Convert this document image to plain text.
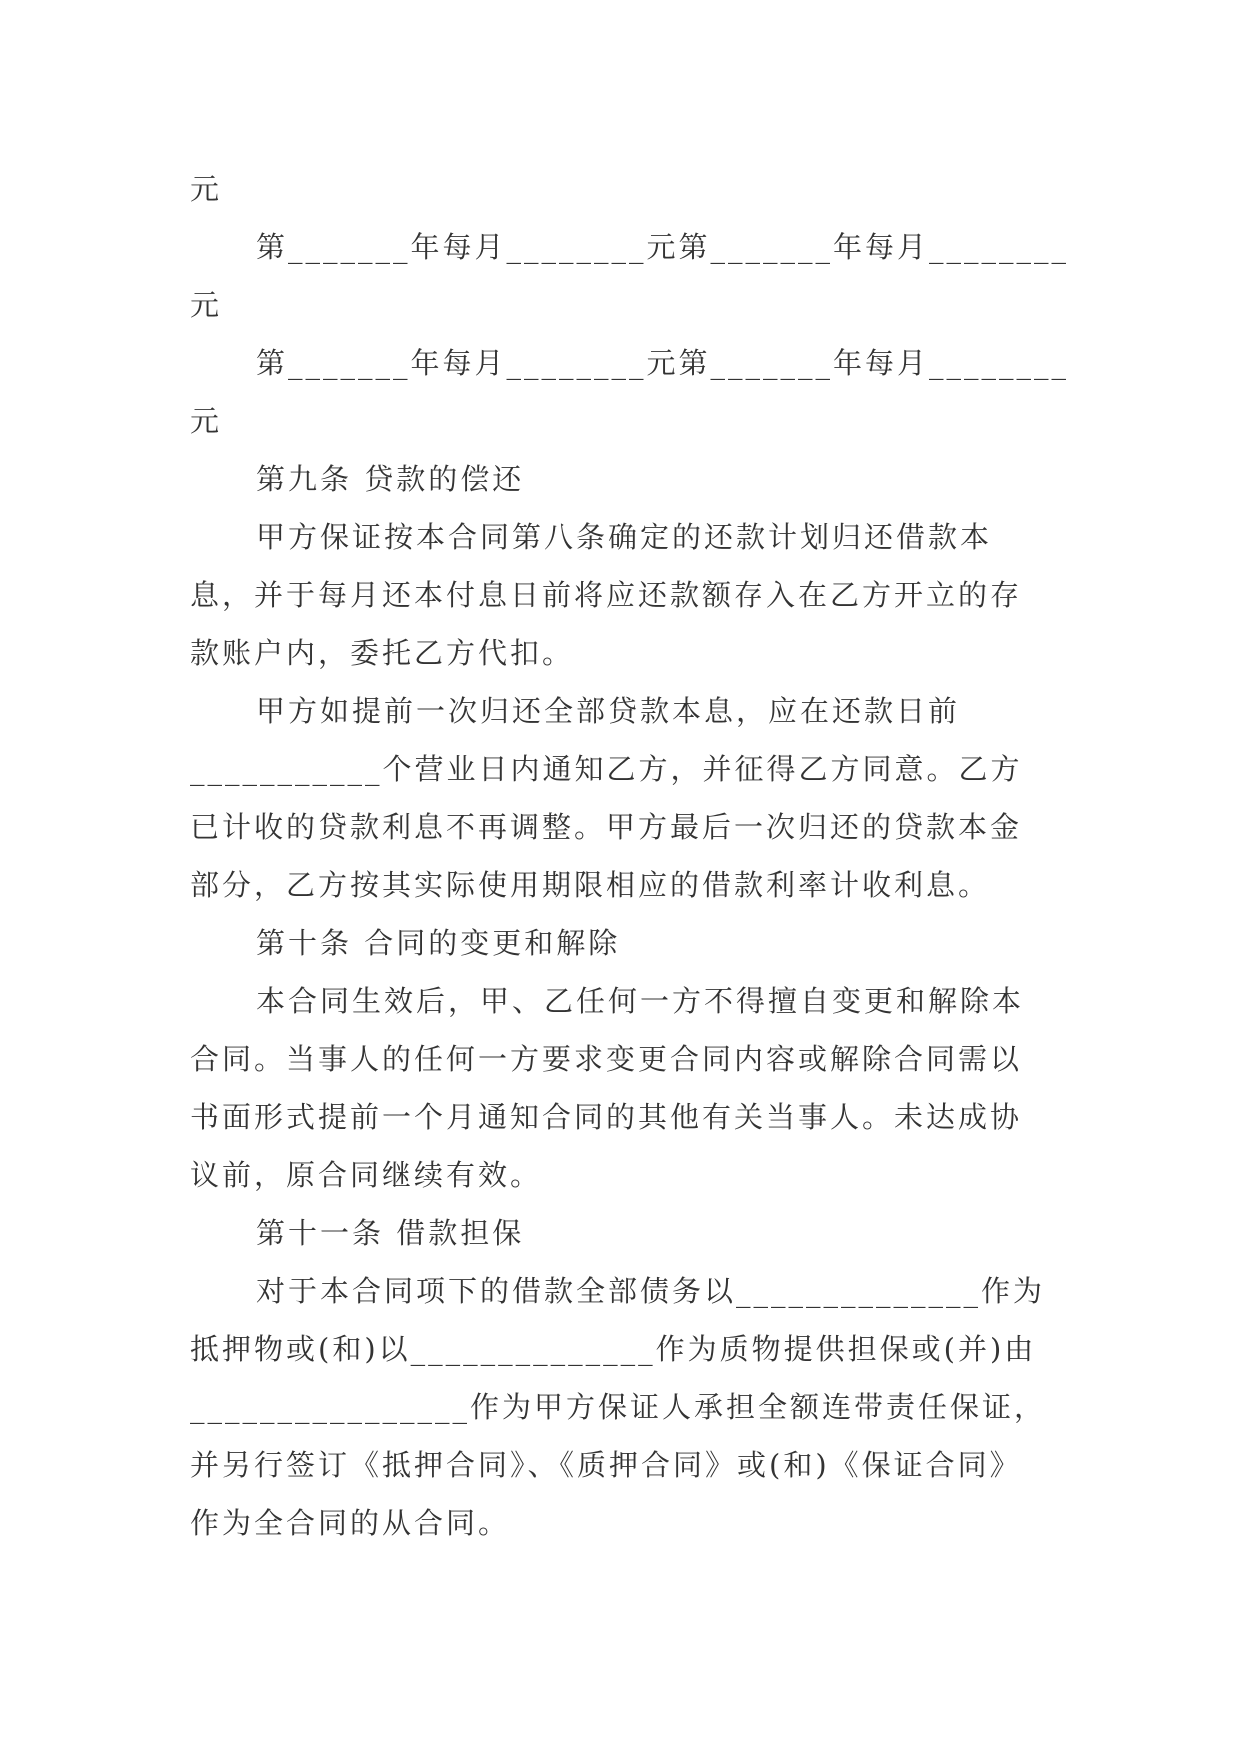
元

第_______年每月________元第_______年每月________

元

第_______年每月________元第_______年每月________

元

第九条 贷款的偿还

甲方保证按本合同第八条确定的还款计划归还借款本

息，并于每月还本付息日前将应还款额存入在乙方开立的存

款账户内，委托乙方代扣。

甲方如提前一次归还全部贷款本息，应在还款日前

___________个营业日内通知乙方，并征得乙方同意。乙方

已计收的贷款利息不再调整。甲方最后一次归还的贷款本金

部分，乙方按其实际使用期限相应的借款利率计收利息。

第十条 合同的变更和解除

本合同生效后，甲、乙任何一方不得擅自变更和解除本

合同。当事人的任何一方要求变更合同内容或解除合同需以

书面形式提前一个月通知合同的其他有关当事人。未达成协

议前，原合同继续有效。

第十一条 借款担保

对于本合同项下的借款全部债务以______________作为

抵押物或(和)以______________作为质物提供担保或(并)由

________________作为甲方保证人承担全额连带责任保证，

并另行签订《抵押合同》、《质押合同》或(和)《保证合同》

作为全合同的从合同。
